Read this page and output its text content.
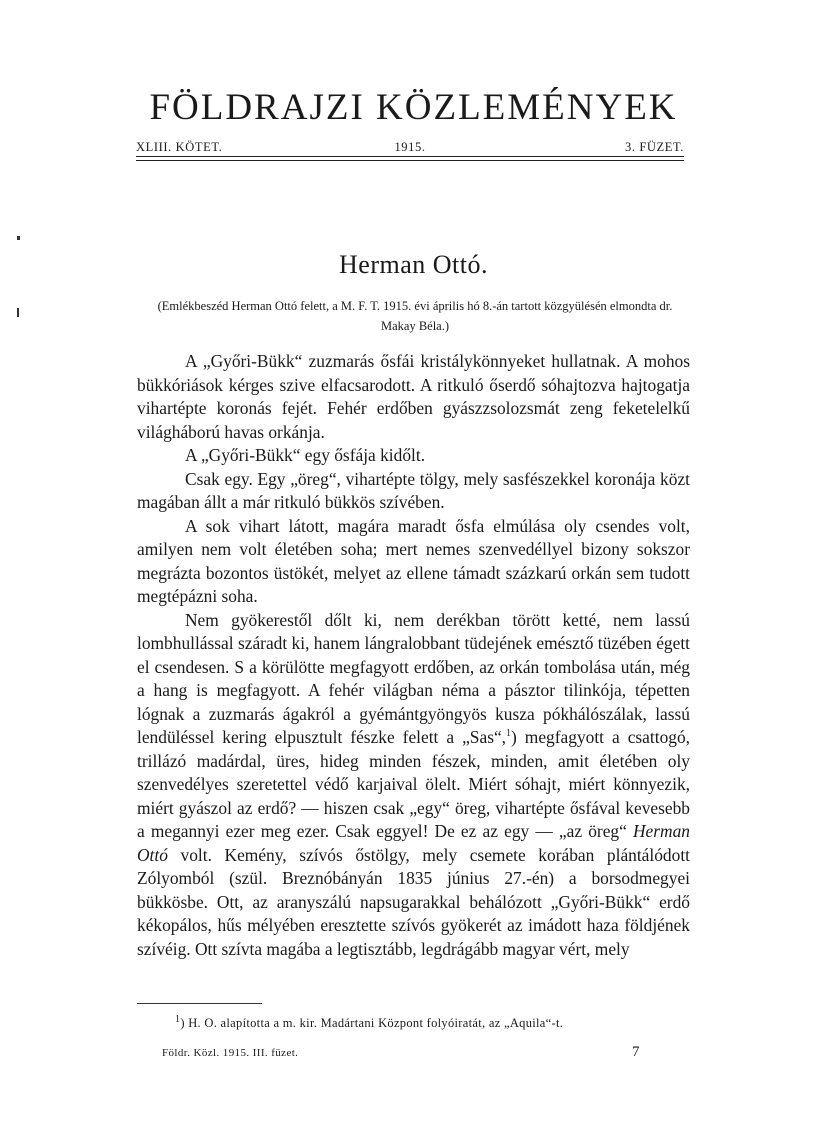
FÖLDRAJZI KÖZLEMÉNYEK
XLIII. KÖTET.	1915.	3. FÜZET.
Herman Ottó.
(Emlékbeszéd Herman Ottó felett, a M. F. T. 1915. évi április hó 8.-án tartott közgyülésén elmondta dr. Makay Béla.)

A „Győri-Bükk“ zuzmarás ősfái kristálykönnyeket hullatnak. A mohos bükkóriások kérges szive elfacsarodott. A ritkuló őserdő sóhajtozva hajtogatja vihartépte koronás fejét. Fehér erdőben gyászzsolozsmát zeng feketelelkű világháború havas orkánja.

A „Győri-Bükk“ egy ősfája kidőlt.

Csak egy. Egy „öreg“, vihartépte tölgy, mely sasfészekkel koronája közt magában állt a már ritkuló bükkös szívében.

A sok vihart látott, magára maradt ősfa elmúlása oly csendes volt, amilyen nem volt életében soha; mert nemes szenvedéllyel bizony sokszor megrázta bozontos üstökét, melyet az ellene támadt százkarú orkán sem tudott megtépázni soha.

Nem gyökerestől dőlt ki, nem derékban törött ketté, nem lassú lombhullással száradt ki, hanem lángralobbant tüdejének emésztő tüzében égett el csendesen. S a körülötte megfagyott erdőben, az orkán tombolása után, még a hang is megfagyott. A fehér világban néma a pásztor tilinkója, tépetten lógnak a zuzmarás ágakról a gyémántgyöngyös kusza pókhálószálak, lassú lendüléssel kering elpusztult fészke felett a „Sas“,$^1$) megfagyott a csattogó, trillázó madárdal, üres, hideg minden fészek, minden, amit életében oly szenvedélyes szeretettel védő karjaival ölelt. Miért sóhajt, miért könnyezik, miért gyászol az erdő? — hiszen csak „egy“ öreg, vihartépte ősfával kevesebb a megannyi ezer meg ezer. Csak eggyel! De ez az egy — „az öreg“ Herman Ottó volt. Kemény, szívós őstölgy, mely csemete korában plántálódott Zólyomból (szül. Breznóbányán 1835 június 27.-én) a borsodmegyei bükkösbe. Ott, az aranyszálú napsugarakkal behálózott „Győri-Bükk“ erdő kékopálos, hűs mélyében eresztette szívós gyökerét az imádott haza földjének szívéig. Ott szívta magába a legtisztább, legdrágább magyar vért, mely

$^1$) H. O. alapította a m. kir. Madártani Központ folyóiratát, az „Aquila“-t.
Földr. Közl. 1915. III. füzet.	7
